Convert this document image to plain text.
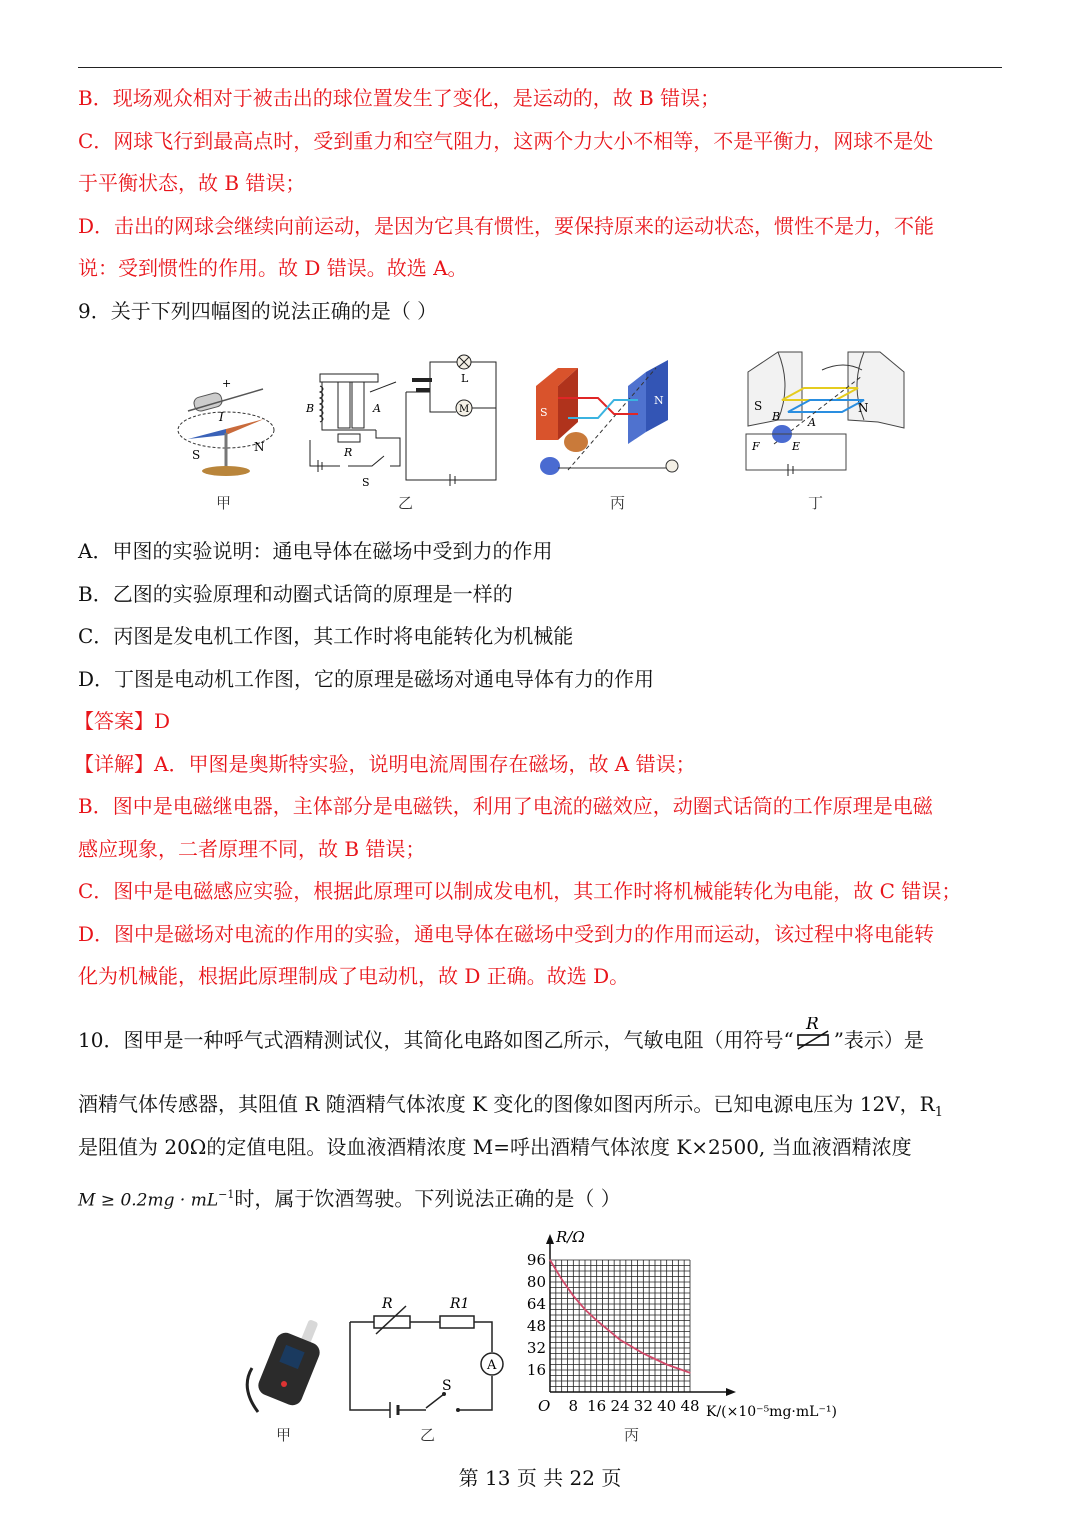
B．现场观众相对于被击出的球位置发生了变化，是运动的，故 B 错误；
C．网球飞行到最高点时，受到重力和空气阻力，这两个力大小不相等，不是平衡力，网球不是处
于平衡状态，故 B 错误；
D．击出的网球会继续向前运动，是因为它具有惯性，要保持原来的运动状态，惯性不是力，不能
说：受到惯性的作用。故 D 错误。故选 A。
9．关于下列四幅图的说法正确的是（ ）
+
I
S
N
B	A
R
S
L
M	S
N	S	N
B	A
F	E
甲	乙	丙	丁
A．甲图的实验说明：通电导体在磁场中受到力的作用
B．乙图的实验原理和动圈式话筒的原理是一样的
C．丙图是发电机工作图，其工作时将电能转化为机械能
D．丁图是电动机工作图，它的原理是磁场对通电导体有力的作用
【答案】D
【详解】A．甲图是奥斯特实验，说明电流周围存在磁场，故 A 错误；
B．图中是电磁继电器，主体部分是电磁铁，利用了电流的磁效应，动圈式话筒的工作原理是电磁
感应现象，二者原理不同，故 B 错误；
C．图中是电磁感应实验，根据此原理可以制成发电机，其工作时将机械能转化为电能，故 C 错误；
D．图中是磁场对电流的作用的实验，通电导体在磁场中受到力的作用而运动，该过程中将电能转
化为机械能，根据此原理制成了电动机，故 D 正确。故选 D。
10．图甲是一种呼气式酒精测试仪，其简化电路如图乙所示，气敏电阻（用符号“
R
”表示）是
酒精气体传感器，其阻值 R 随酒精气体浓度 K 变化的图像如图丙所示。已知电源电压为 12V，$R_1$
是阻值为 20Ω的定值电阻。设血液酒精浓度 M=呼出酒精气体浓度 K×2500, 当血液酒精浓度
$M \ge 0.2mg \cdot mL^{-1}$时，属于饮酒驾驶。下列说法正确的是（ ）
R	R1
A
S
16
32
48
64
80
96
8 16 24 32 40 48
R/Ω
K/(×10⁻⁵mg·mL⁻¹)
O
甲	乙	丙
第 13 页 共 22 页
